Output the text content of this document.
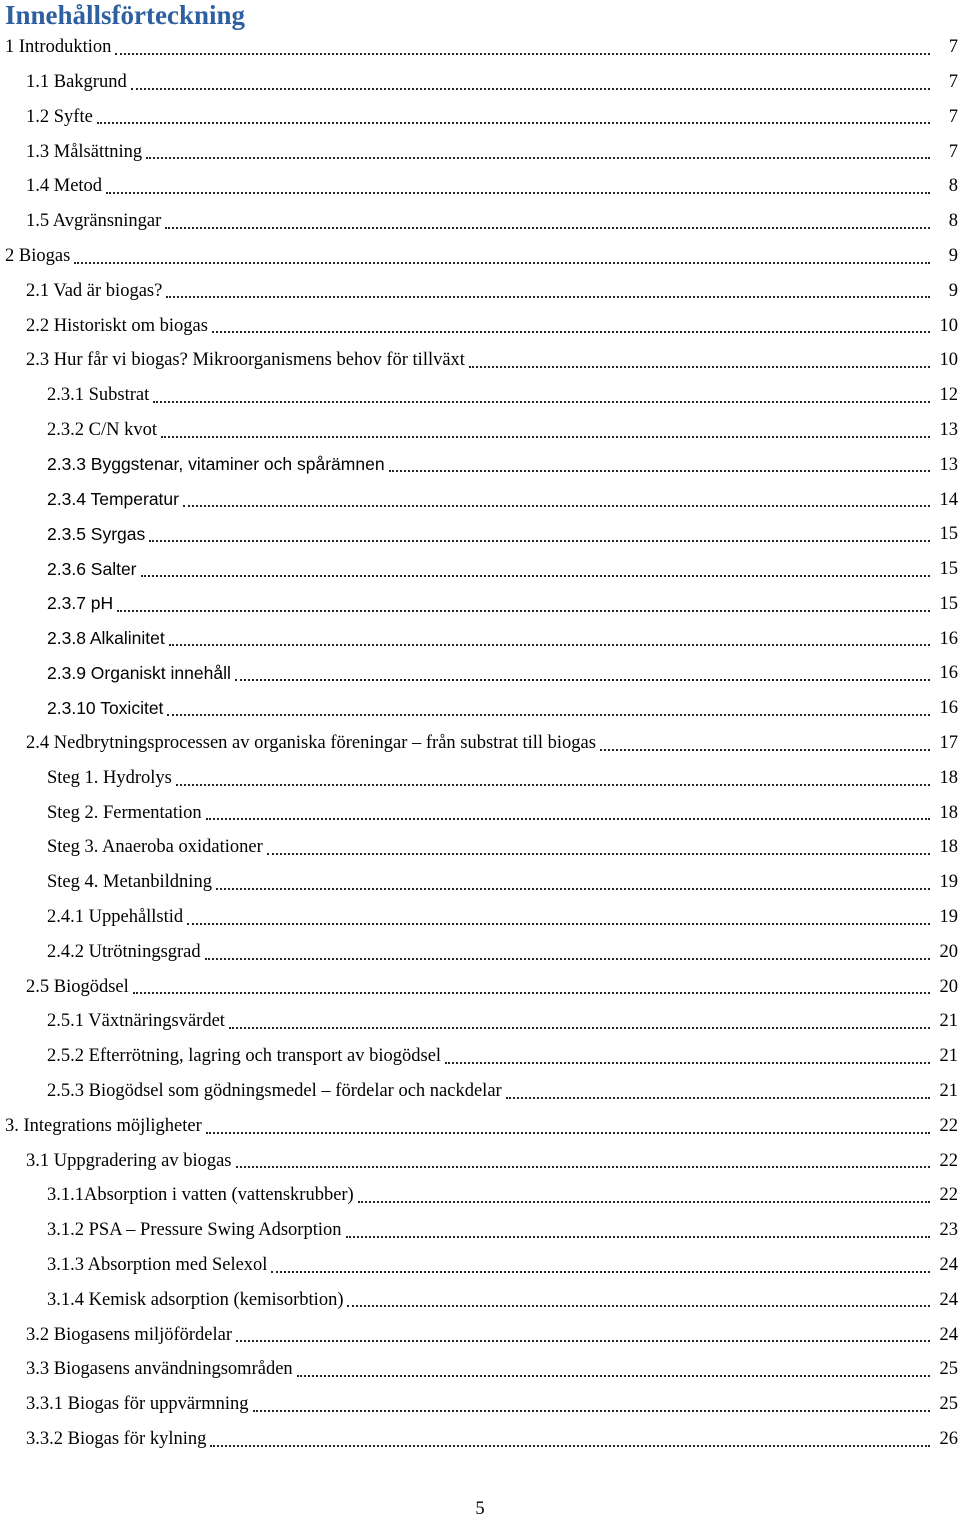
Innehållsförteckning
1 Introduktion	7
1.1 Bakgrund	7
1.2 Syfte	7
1.3 Målsättning	7
1.4 Metod	8
1.5 Avgränsningar	8
2 Biogas	9
2.1 Vad är biogas?	9
2.2 Historiskt om biogas	10
2.3 Hur får vi biogas? Mikroorganismens behov för tillväxt	10
2.3.1 Substrat	12
2.3.2 C/N kvot	13
2.3.3 Byggstenar, vitaminer och spårämnen	13
2.3.4 Temperatur	14
2.3.5 Syrgas	15
2.3.6 Salter	15
2.3.7 pH	15
2.3.8 Alkalinitet	16
2.3.9 Organiskt innehåll	16
2.3.10 Toxicitet	16
2.4 Nedbrytningsprocessen av organiska föreningar – från substrat till biogas	17
Steg 1. Hydrolys	18
Steg 2. Fermentation	18
Steg 3. Anaeroba oxidationer	18
Steg 4. Metanbildning	19
2.4.1 Uppehållstid	19
2.4.2 Utrötningsgrad	20
2.5 Biogödsel	20
2.5.1 Växtnäringsvärdet	21
2.5.2 Efterrötning, lagring och transport av biogödsel	21
2.5.3 Biogödsel som gödningsmedel – fördelar och nackdelar	21
3. Integrations möjligheter	22
3.1 Uppgradering av biogas	22
3.1.1Absorption i vatten (vattenskrubber)	22
3.1.2 PSA – Pressure Swing Adsorption	23
3.1.3 Absorption med Selexol	24
3.1.4 Kemisk adsorption (kemisorbtion)	24
3.2 Biogasens miljöfördelar	24
3.3 Biogasens användningsområden	25
3.3.1 Biogas för uppvärmning	25
3.3.2 Biogas för kylning	26
5
